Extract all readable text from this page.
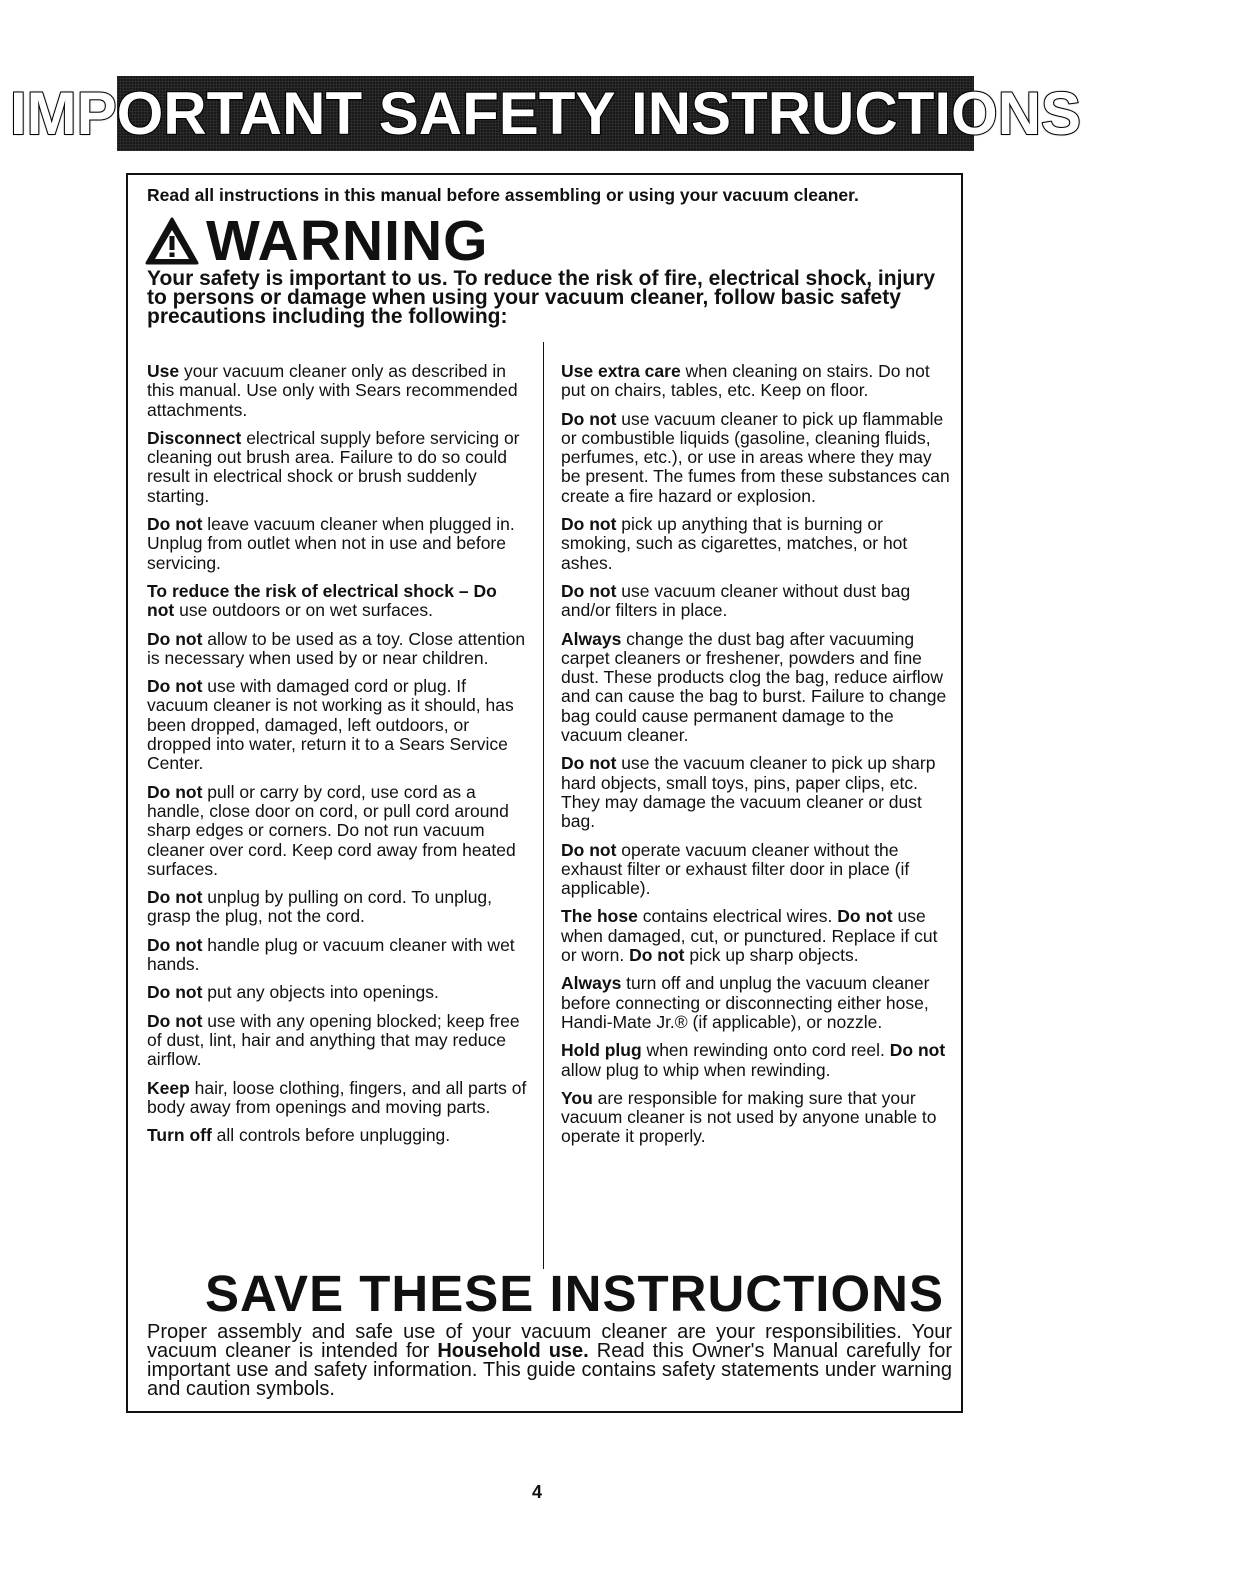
IMPORTANT SAFETY INSTRUCTIONS
Read all instructions in this manual before assembling or using your vacuum cleaner.
WARNING
Your safety is important to us. To reduce the risk of fire, electrical shock, injury to persons or damage when using your vacuum cleaner, follow basic safety precautions including the following:

Use your vacuum cleaner only as described in this manual. Use only with Sears recommended attachments.

Disconnect electrical supply before servicing or cleaning out brush area. Failure to do so could result in electrical shock or brush suddenly starting.

Do not leave vacuum cleaner when plugged in. Unplug from outlet when not in use and before servicing.

To reduce the risk of electrical shock – Do not use outdoors or on wet surfaces.

Do not allow to be used as a toy. Close attention is necessary when used by or near children.

Do not use with damaged cord or plug. If vacuum cleaner is not working as it should, has been dropped, damaged, left outdoors, or dropped into water, return it to a Sears Service Center.

Do not pull or carry by cord, use cord as a handle, close door on cord, or pull cord around sharp edges or corners. Do not run vacuum cleaner over cord. Keep cord away from heated surfaces.

Do not unplug by pulling on cord. To unplug, grasp the plug, not the cord.

Do not handle plug or vacuum cleaner with wet hands.

Do not put any objects into openings.

Do not use with any opening blocked; keep free of dust, lint, hair and anything that may reduce airflow.

Keep hair, loose clothing, fingers, and all parts of body away from openings and moving parts.

Turn off all controls before unplugging.

Use extra care when cleaning on stairs. Do not put on chairs, tables, etc. Keep on floor.

Do not use vacuum cleaner to pick up flammable or combustible liquids (gasoline, cleaning fluids, perfumes, etc.), or use in areas where they may be present. The fumes from these substances can create a fire hazard or explosion.

Do not pick up anything that is burning or smoking, such as cigarettes, matches, or hot ashes.

Do not use vacuum cleaner without dust bag and/or filters in place.

Always change the dust bag after vacuuming carpet cleaners or freshener, powders and fine dust. These products clog the bag, reduce airflow and can cause the bag to burst. Failure to change bag could cause permanent damage to the vacuum cleaner.

Do not use the vacuum cleaner to pick up sharp hard objects, small toys, pins, paper clips, etc. They may damage the vacuum cleaner or dust bag.

Do not operate vacuum cleaner without the exhaust filter or exhaust filter door in place (if applicable).

The hose contains electrical wires. Do not use when damaged, cut, or punctured. Replace if cut or worn. Do not pick up sharp objects.

Always turn off and unplug the vacuum cleaner before connecting or disconnecting either hose, Handi-Mate Jr.® (if applicable), or nozzle.

Hold plug when rewinding onto cord reel. Do not allow plug to whip when rewinding.

You are responsible for making sure that your vacuum cleaner is not used by anyone unable to operate it properly.

SAVE THESE INSTRUCTIONS
Proper assembly and safe use of your vacuum cleaner are your responsibilities. Your vacuum cleaner is intended for Household use. Read this Owner's Manual carefully for important use and safety information. This guide contains safety statements under warning and caution symbols.
4
